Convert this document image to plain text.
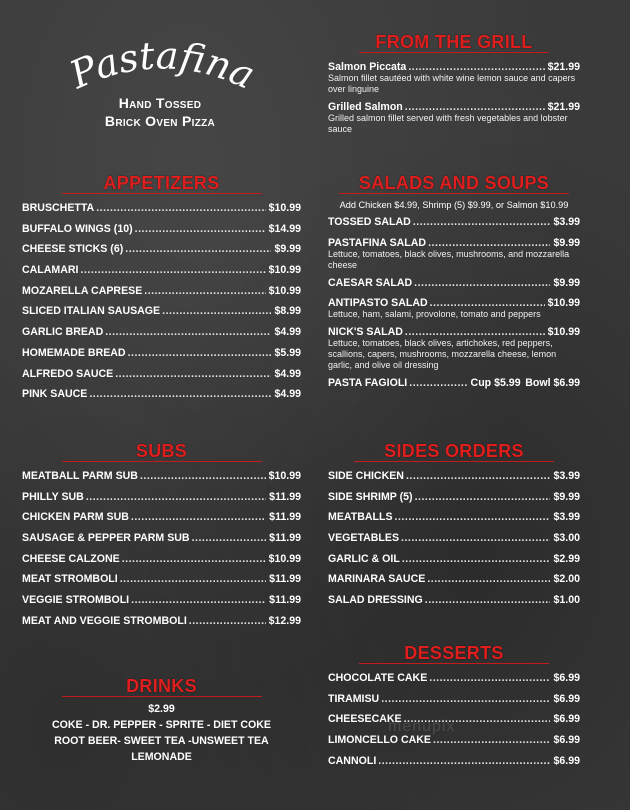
Pastafina
Hand Tossed
Brick Oven Pizza
FROM THE GRILL
Salmon Piccata .....	$21.99
Salmon fillet sautéed with white wine lemon sauce and capers over linguine
Grilled Salmon .....	$21.99
Grilled salmon fillet served with fresh vegetables and lobster sauce
APPETIZERS
BRUSCHETTA .....	$10.99
BUFFALO WINGS (10) .....	$14.99
CHEESE STICKS (6) .....	$9.99
CALAMARI .....	$10.99
MOZARELLA CAPRESE .....	$10.99
SLICED ITALIAN SAUSAGE .....	$8.99
GARLIC BREAD .....	$4.99
HOMEMADE BREAD .....	$5.99
ALFREDO SAUCE .....	$4.99
PINK SAUCE .....	$4.99
SALADS AND SOUPS
Add Chicken $4.99, Shrimp (5) $9.99, or Salmon $10.99
TOSSED SALAD .....	$3.99
PASTAFINA SALAD .....	$9.99
Lettuce, tomatoes, black olives, mushrooms, and mozzarella cheese
CAESAR SALAD .....	$9.99
ANTIPASTO SALAD .....	$10.99
Lettuce, ham, salami, provolone, tomato and peppers
NICK'S SALAD .....	$10.99
Lettuce, tomatoes, black olives, artichokes, red peppers, scallions, capers, mushrooms, mozzarella cheese, lemon garlic, and olive oil dressing
PASTA FAGIOLI .....	Cup $5.99 Bowl $6.99
SUBS
MEATBALL PARM SUB .....	$10.99
PHILLY SUB .....	$11.99
CHICKEN PARM SUB .....	$11.99
SAUSAGE & PEPPER PARM SUB .....	$11.99
CHEESE CALZONE .....	$10.99
MEAT STROMBOLI .....	$11.99
VEGGIE STROMBOLI .....	$11.99
MEAT AND VEGGIE STROMBOLI .....	$12.99
SIDES ORDERS
SIDE CHICKEN .....	$3.99
SIDE SHRIMP (5) .....	$9.99
MEATBALLS .....	$3.99
VEGETABLES .....	$3.00
GARLIC & OIL .....	$2.99
MARINARA SAUCE .....	$2.00
SALAD DRESSING .....	$1.00
DRINKS
$2.99
COKE - DR. PEPPER - SPRITE - DIET COKE
ROOT BEER- SWEET TEA -UNSWEET TEA
LEMONADE
DESSERTS
CHOCOLATE CAKE .....	$6.99
TIRAMISU .....	$6.99
CHEESECAKE .....	$6.99
LIMONCELLO CAKE .....	$6.99
CANNOLI .....	$6.99
menupix
